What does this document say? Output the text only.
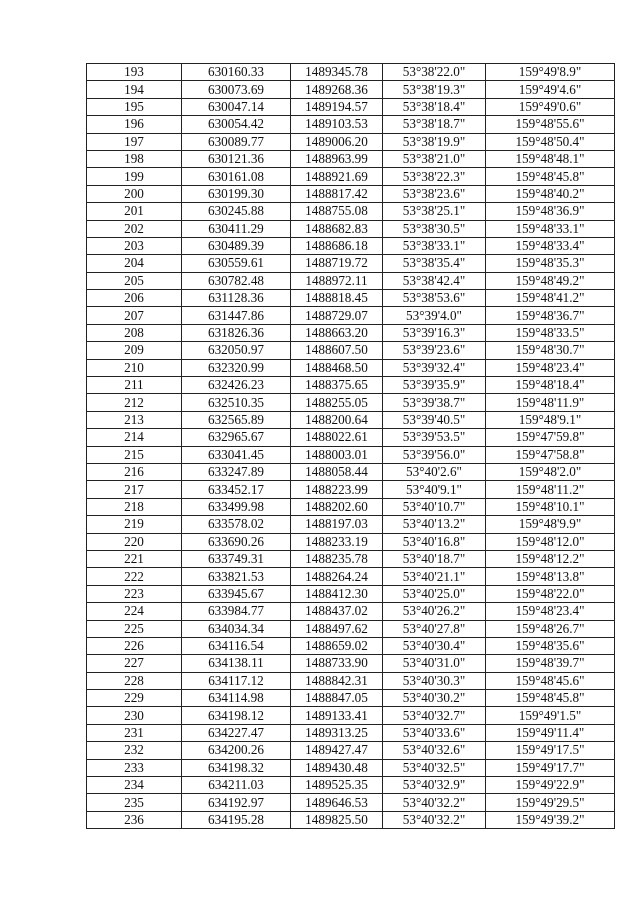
193	630160.33	1489345.78	53°38'22.0"	159°49'8.9"
194	630073.69	1489268.36	53°38'19.3"	159°49'4.6"
195	630047.14	1489194.57	53°38'18.4"	159°49'0.6"
196	630054.42	1489103.53	53°38'18.7"	159°48'55.6"
197	630089.77	1489006.20	53°38'19.9"	159°48'50.4"
198	630121.36	1488963.99	53°38'21.0"	159°48'48.1"
199	630161.08	1488921.69	53°38'22.3"	159°48'45.8"
200	630199.30	1488817.42	53°38'23.6"	159°48'40.2"
201	630245.88	1488755.08	53°38'25.1"	159°48'36.9"
202	630411.29	1488682.83	53°38'30.5"	159°48'33.1"
203	630489.39	1488686.18	53°38'33.1"	159°48'33.4"
204	630559.61	1488719.72	53°38'35.4"	159°48'35.3"
205	630782.48	1488972.11	53°38'42.4"	159°48'49.2"
206	631128.36	1488818.45	53°38'53.6"	159°48'41.2"
207	631447.86	1488729.07	53°39'4.0"	159°48'36.7"
208	631826.36	1488663.20	53°39'16.3"	159°48'33.5"
209	632050.97	1488607.50	53°39'23.6"	159°48'30.7"
210	632320.99	1488468.50	53°39'32.4"	159°48'23.4"
211	632426.23	1488375.65	53°39'35.9"	159°48'18.4"
212	632510.35	1488255.05	53°39'38.7"	159°48'11.9"
213	632565.89	1488200.64	53°39'40.5"	159°48'9.1"
214	632965.67	1488022.61	53°39'53.5"	159°47'59.8"
215	633041.45	1488003.01	53°39'56.0"	159°47'58.8"
216	633247.89	1488058.44	53°40'2.6"	159°48'2.0"
217	633452.17	1488223.99	53°40'9.1"	159°48'11.2"
218	633499.98	1488202.60	53°40'10.7"	159°48'10.1"
219	633578.02	1488197.03	53°40'13.2"	159°48'9.9"
220	633690.26	1488233.19	53°40'16.8"	159°48'12.0"
221	633749.31	1488235.78	53°40'18.7"	159°48'12.2"
222	633821.53	1488264.24	53°40'21.1"	159°48'13.8"
223	633945.67	1488412.30	53°40'25.0"	159°48'22.0"
224	633984.77	1488437.02	53°40'26.2"	159°48'23.4"
225	634034.34	1488497.62	53°40'27.8"	159°48'26.7"
226	634116.54	1488659.02	53°40'30.4"	159°48'35.6"
227	634138.11	1488733.90	53°40'31.0"	159°48'39.7"
228	634117.12	1488842.31	53°40'30.3"	159°48'45.6"
229	634114.98	1488847.05	53°40'30.2"	159°48'45.8"
230	634198.12	1489133.41	53°40'32.7"	159°49'1.5"
231	634227.47	1489313.25	53°40'33.6"	159°49'11.4"
232	634200.26	1489427.47	53°40'32.6"	159°49'17.5"
233	634198.32	1489430.48	53°40'32.5"	159°49'17.7"
234	634211.03	1489525.35	53°40'32.9"	159°49'22.9"
235	634192.97	1489646.53	53°40'32.2"	159°49'29.5"
236	634195.28	1489825.50	53°40'32.2"	159°49'39.2"
